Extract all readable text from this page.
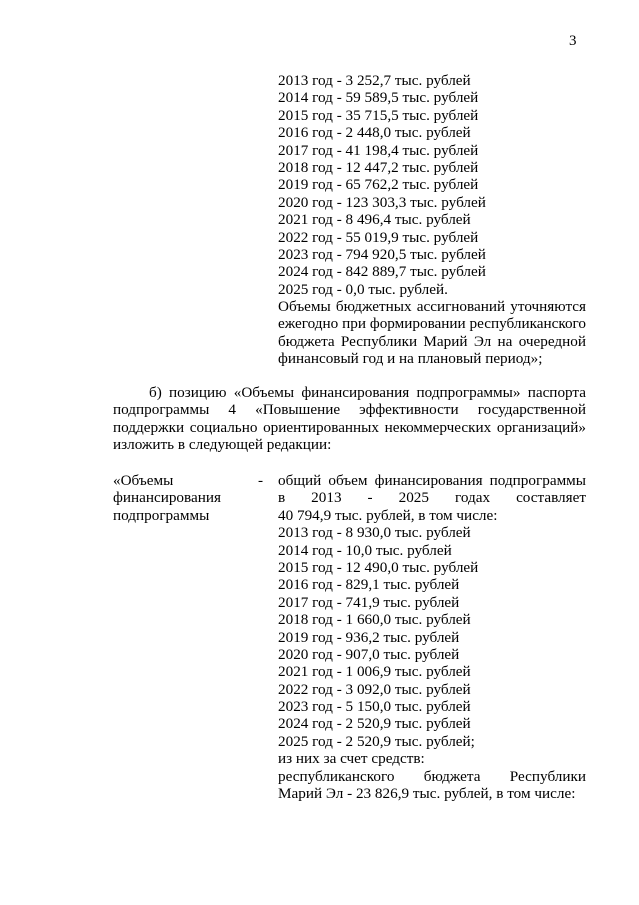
3
2013 год - 3 252,7 тыс. рублей
2014 год - 59 589,5 тыс. рублей
2015 год - 35 715,5 тыс. рублей
2016 год - 2 448,0 тыс. рублей
2017 год - 41 198,4 тыс. рублей
2018 год - 12 447,2 тыс. рублей
2019 год - 65 762,2 тыс. рублей
2020 год - 123 303,3 тыс. рублей
2021 год - 8 496,4 тыс. рублей
2022 год - 55 019,9 тыс. рублей
2023 год - 794 920,5 тыс. рублей
2024 год - 842 889,7 тыс. рублей
2025 год - 0,0 тыс. рублей.
Объемы бюджетных ассигнований уточняются
ежегодно при формировании республиканского
бюджета Республики Марий Эл на очередной
финансовый год и на плановый период»;
б) позицию «Объемы финансирования подпрограммы» паспорта
подпрограммы 4 «Повышение эффективности государственной
поддержки социально ориентированных некоммерческих организаций»
изложить в следующей редакции:
«Объемы
финансирования
подпрограммы
- общий объем финансирования подпрограммы
в 2013 - 2025 годах составляет
40 794,9 тыс. рублей, в том числе:
2013 год - 8 930,0 тыс. рублей
2014 год - 10,0 тыс. рублей
2015 год - 12 490,0 тыс. рублей
2016 год - 829,1 тыс. рублей
2017 год - 741,9 тыс. рублей
2018 год - 1 660,0 тыс. рублей
2019 год - 936,2 тыс. рублей
2020 год - 907,0 тыс. рублей
2021 год - 1 006,9 тыс. рублей
2022 год - 3 092,0 тыс. рублей
2023 год - 5 150,0 тыс. рублей
2024 год - 2 520,9 тыс. рублей
2025 год - 2 520,9 тыс. рублей;
из них за счет средств:
республиканского бюджета Республики
Марий Эл - 23 826,9 тыс. рублей, в том числе:
